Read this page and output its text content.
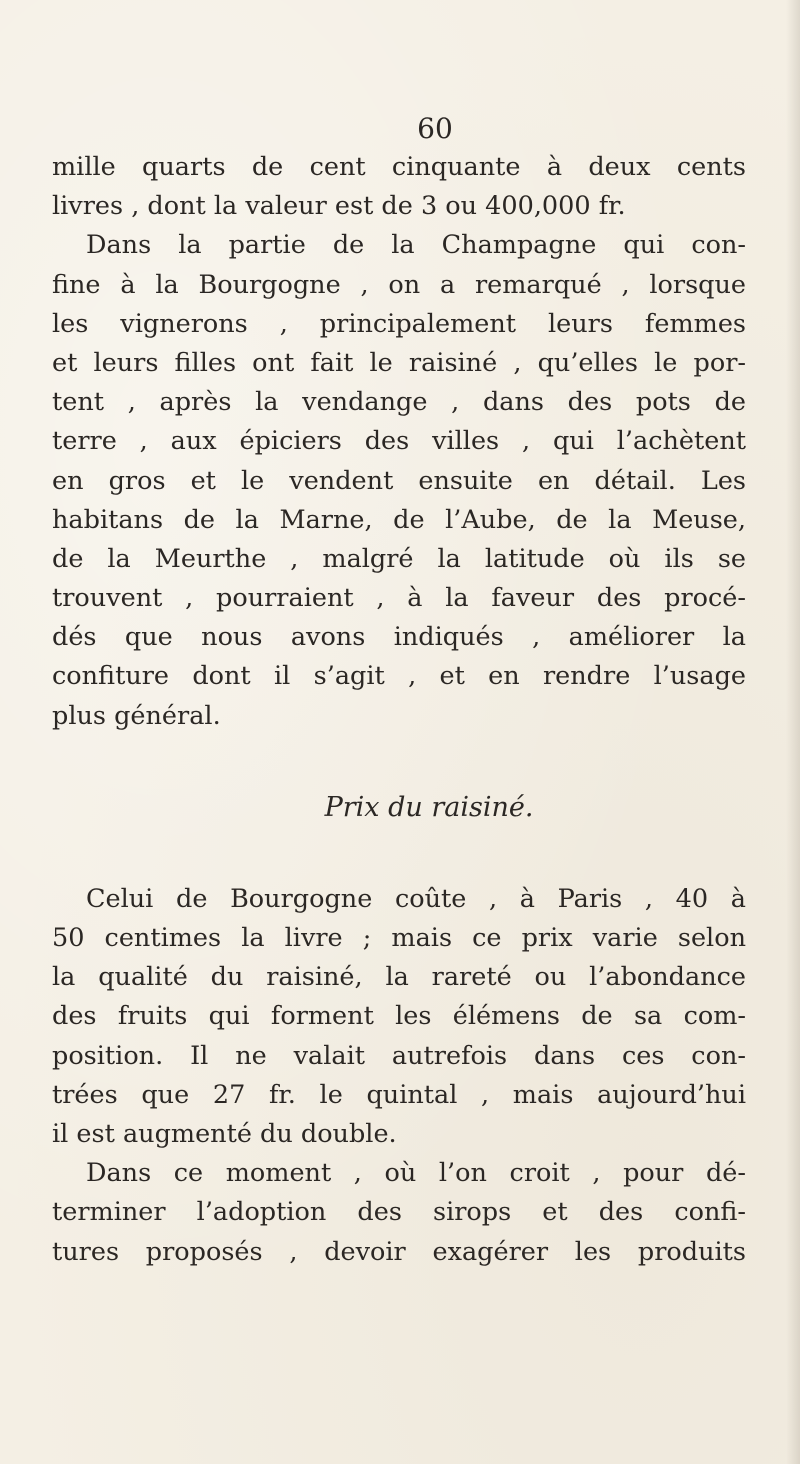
60
mille quarts de cent cinquante à deux cents
livres , dont la valeur est de 3 ou 400,000 fr.
Dans la partie de la Champagne qui con-
fine à la Bourgogne , on a remarqué , lorsque
les vignerons , principalement leurs femmes
et leurs filles ont fait le raisiné , qu’elles le por-
tent , après la vendange , dans des pots de
terre , aux épiciers des villes , qui l’achètent
en gros et le vendent ensuite en détail. Les
habitans de la Marne, de l’Aube, de la Meuse,
de la Meurthe , malgré la latitude où ils se
trouvent , pourraient , à la faveur des procé-
dés que nous avons indiqués , améliorer la
confiture dont il s’agit , et en rendre l’usage
plus général.
Prix du raisiné.
Celui de Bourgogne coûte , à Paris , 40 à
50 centimes la livre ; mais ce prix varie selon
la qualité du raisiné, la rareté ou l’abondance
des fruits qui forment les élémens de sa com-
position. Il ne valait autrefois dans ces con-
trées que 27 fr. le quintal , mais aujourd’hui
il est augmenté du double.
Dans ce moment , où l’on croit , pour dé-
terminer l’adoption des sirops et des confi-
tures proposés , devoir exagérer les produits
